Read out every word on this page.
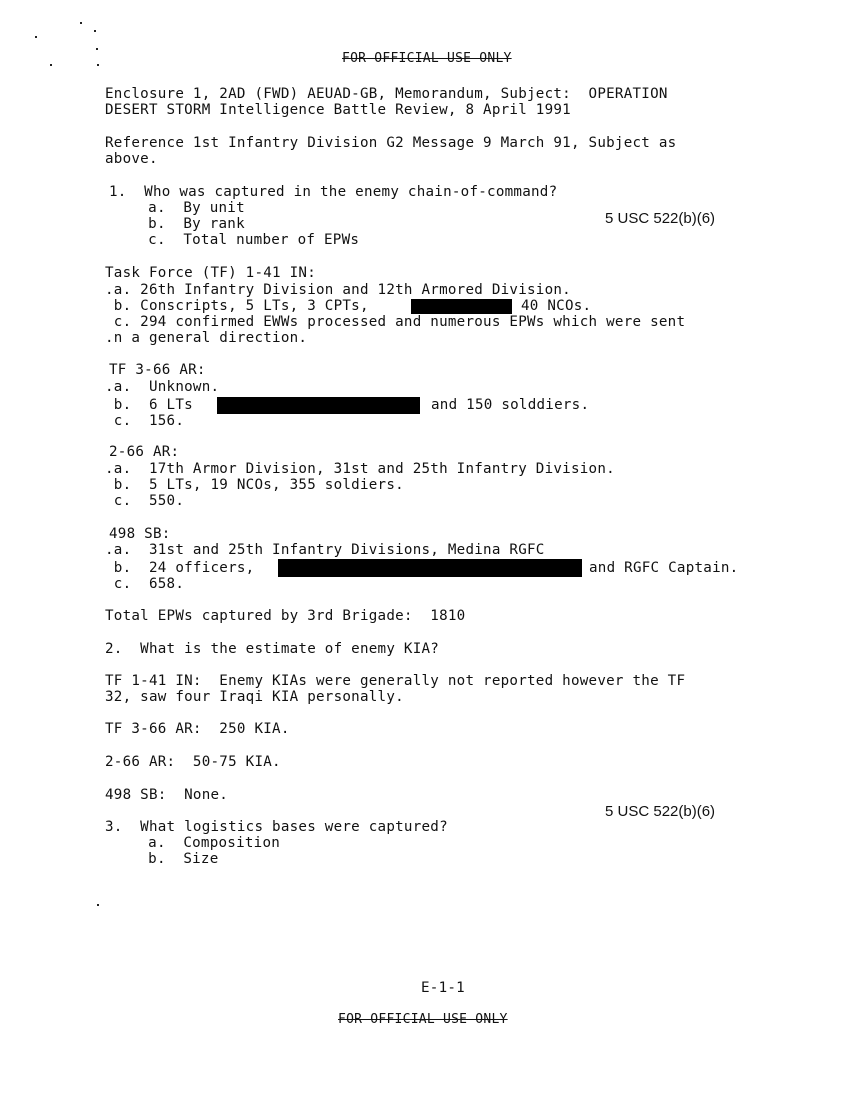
FOR OFFICIAL USE ONLY
Enclosure 1, 2AD (FWD) AEUAD-GB, Memorandum, Subject:  OPERATION
DESERT STORM Intelligence Battle Review, 8 April 1991
Reference 1st Infantry Division G2 Message 9 March 91, Subject as
above.
1.  Who was captured in the enemy chain-of-command?
a.  By unit
b.  By rank
c.  Total number of EPWs
5 USC 522(b)(6)
Task Force (TF) 1-41 IN:
.a. 26th Infantry Division and 12th Armored Division.
b. Conscripts, 5 LTs, 3 CPTs,	40 NCOs.
c. 294 confirmed EWWs processed and numerous EPWs which were sent
.n a general direction.
TF 3-66 AR:
.a.  Unknown.
b.  6 LTs	and 150 solddiers.
c.  156.
2-66 AR:
.a.  17th Armor Division, 31st and 25th Infantry Division.
b.  5 LTs, 19 NCOs, 355 soldiers.
c.  550.
498 SB:
.a.  31st and 25th Infantry Divisions, Medina RGFC
b.  24 officers,	and RGFC Captain.
c.  658.
Total EPWs captured by 3rd Brigade:  1810
2.  What is the estimate of enemy KIA?
TF 1-41 IN:  Enemy KIAs were generally not reported however the TF
32, saw four Iraqi KIA personally.
TF 3-66 AR:  250 KIA.
2-66 AR:  50-75 KIA.
498 SB:  None.
5 USC 522(b)(6)
3.  What logistics bases were captured?
a.  Composition
b.  Size
E-1-1
FOR OFFICIAL USE ONLY
